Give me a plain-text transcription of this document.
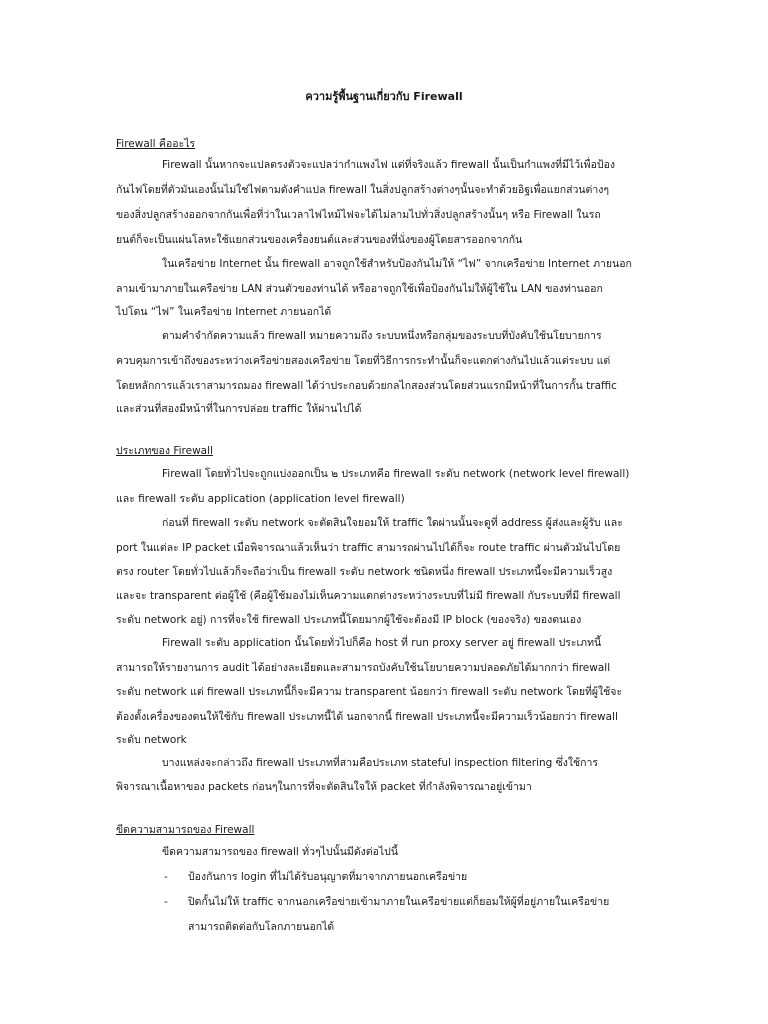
ความรู้พื้นฐานเกี่ยวกับ Firewall
Firewall คืออะไร
Firewall นั้นหากจะแปลตรงตัวจะแปลว่ากำแพงไฟ แต่ที่จริงแล้ว firewall นั้นเป็นกำแพงที่มีไว้เพื่อป้อง
กันไฟโดยที่ตัวมันเองนั้นไม่ใช่ไฟตามดังคำแปล firewall ในสิ่งปลูกสร้างต่างๆนั้นจะทำด้วยอิฐเพื่อแยกส่วนต่างๆ
ของสิ่งปลูกสร้างออกจากกันเพื่อที่ว่าในเวลาไฟไหม้ไฟจะได้ไม่ลามไปทั่วสิ่งปลูกสร้างนั้นๆ หรือ Firewall ในรถ
ยนต์ก็จะเป็นแผ่นโลหะใช้แยกส่วนของเครื่องยนต์และส่วนของที่นั่งของผู้โดยสารออกจากกัน
ในเครือข่าย Internet นั้น firewall อาจถูกใช้สำหรับป้องกันไม่ให้ “ไฟ” จากเครือข่าย Internet ภายนอก
ลามเข้ามาภายในเครือข่าย LAN ส่วนตัวของท่านได้ หรืออาจถูกใช้เพื่อป้องกันไม่ให้ผู้ใช้ใน LAN ของท่านออก
ไปโดน “ไฟ” ในเครือข่าย Internet ภายนอกได้
ตามคำจำกัดความแล้ว firewall หมายความถึง ระบบหนึ่งหรือกลุ่มของระบบที่บังคับใช้นโยบายการ
ควบคุมการเข้าถึงของระหว่างเครือข่ายสองเครือข่าย โดยที่วิธีการกระทำนั้นก็จะแตกต่างกันไปแล้วแต่ระบบ แต่
โดยหลักการแล้วเราสามารถมอง firewall ได้ว่าประกอบด้วยกลไกสองส่วนโดยส่วนแรกมีหน้าที่ในการกั้น traffic
และส่วนที่สองมีหน้าที่ในการปล่อย traffic ให้ผ่านไปได้
ประเภทของ Firewall
Firewall โดยทั่วไปจะถูกแบ่งออกเป็น ๒ ประเภทคือ firewall ระดับ network (network level firewall)
และ firewall ระดับ application (application level firewall)
ก่อนที่ firewall ระดับ network จะตัดสินใจยอมให้ traffic ใดผ่านนั้นจะดูที่ address ผู้ส่งและผู้รับ และ
port ในแต่ละ IP packet เมื่อพิจารณาแล้วเห็นว่า traffic สามารถผ่านไปได้ก็จะ route traffic ผ่านตัวมันไปโดย
ตรง router โดยทั่วไปแล้วก็จะถือว่าเป็น firewall ระดับ network ชนิดหนึ่ง firewall ประเภทนี้จะมีความเร็วสูง
และจะ transparent ต่อผู้ใช้ (คือผู้ใช้มองไม่เห็นความแตกต่างระหว่างระบบที่ไม่มี firewall กับระบบที่มี firewall
ระดับ network อยู่) การที่จะใช้ firewall ประเภทนี้โดยมากผู้ใช้จะต้องมี IP block (ของจริง) ของตนเอง
Firewall ระดับ application นั้นโดยทั่วไปก็คือ host ที่ run proxy server อยู่ firewall ประเภทนี้
สามารถให้รายงานการ audit ได้อย่างละเอียดและสามารถบังคับใช้นโยบายความปลอดภัยได้มากกว่า firewall
ระดับ network แต่ firewall ประเภทนี้ก็จะมีความ transparent น้อยกว่า firewall ระดับ network โดยที่ผู้ใช้จะ
ต้องตั้งเครื่องของตนให้ใช้กับ firewall ประเภทนี้ได้ นอกจากนี้ firewall ประเภทนี้จะมีความเร็วน้อยกว่า firewall
ระดับ network
บางแหล่งจะกล่าวถึง firewall ประเภทที่สามคือประเภท stateful inspection filtering ซึ่งใช้การ
พิจารณาเนื้อหาของ packets ก่อนๆในการที่จะตัดสินใจให้ packet ที่กำลังพิจารณาอยู่เข้ามา
ขีดความสามารถของ Firewall
ขีดความสามารถของ firewall ทั่วๆไปนั้นมีดังต่อไปนี้
- ป้องกันการ login ที่ไม่ได้รับอนุญาตที่มาจากภายนอกเครือข่าย
- ปิดกั้นไม่ให้ traffic จากนอกเครือข่ายเข้ามาภายในเครือข่ายแต่ก็ยอมให้ผู้ที่อยู่ภายในเครือข่าย
สามารถติดต่อกับโลกภายนอกได้
